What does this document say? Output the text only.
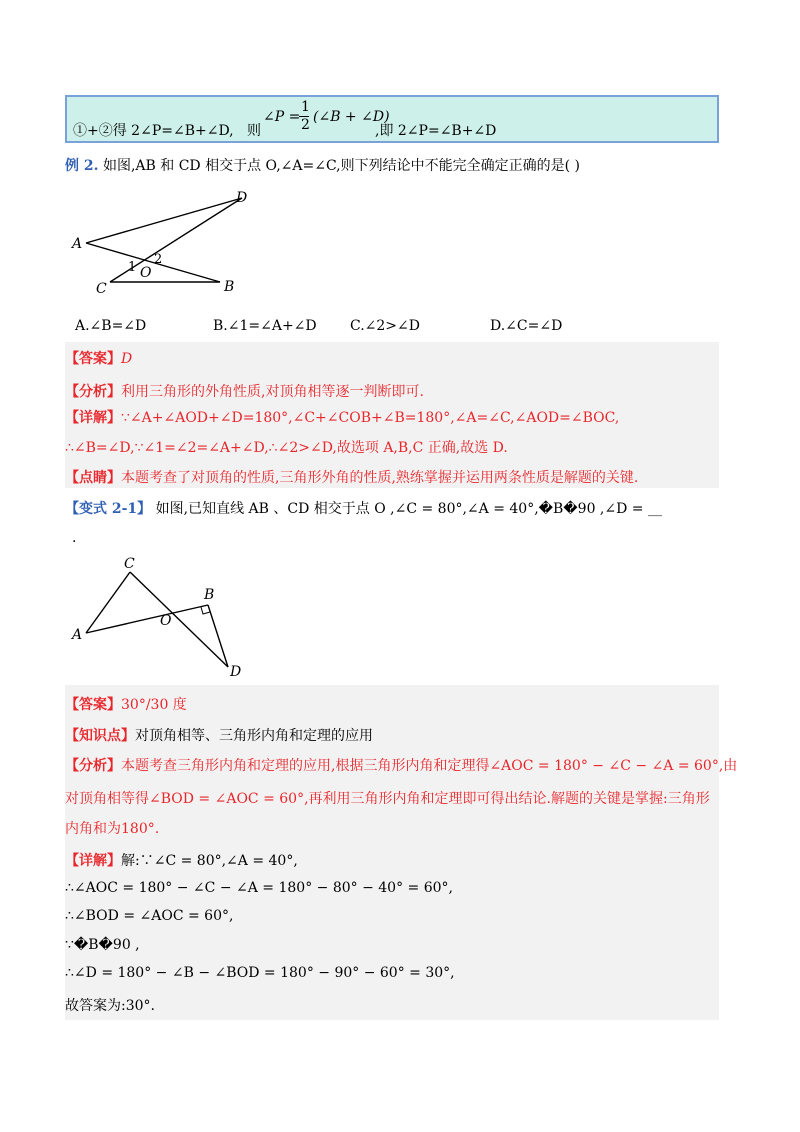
①+②得 2∠P=∠B+∠D, 则
∠P =
1
2 (∠B + ∠D)
,即 2∠P=∠B+∠D
例 2. 如图,AB 和 CD 相交于点 O,∠A=∠C,则下列结论中不能完全确定正确的是( )
D
A
1
2
O
C	B
A.∠B=∠D	B.∠1=∠A+∠D C.∠2>∠D	D.∠C=∠D
【答案】D
【分析】利用三角形的外角性质,对顶角相等逐一判断即可.
【详解】∵∠A+∠AOD+∠D=180°,∠C+∠COB+∠B=180°,∠A=∠C,∠AOD=∠BOC,
∴∠B=∠D,∵∠1=∠2=∠A+∠D,∴∠2>∠D,故选项 A,B,C 正确,故选 D.
【点睛】本题考查了对顶角的性质,三角形外角的性质,熟练掌握并运用两条性质是解题的关键.
【变式 2-1】 如图,已知直线 AB 、CD 相交于点 O ,∠C = 80°,∠A = 40°,�B�90 ,∠D = __
.
C
A
O
B
D
【答案】30°/30 度
【知识点】对顶角相等、三角形内角和定理的应用
【分析】本题考查三角形内角和定理的应用,根据三角形内角和定理得∠AOC = 180° − ∠C − ∠A = 60°,由
对顶角相等得∠BOD = ∠AOC = 60°,再利用三角形内角和定理即可得出结论.解题的关键是掌握:三角形
内角和为180°.
【详解】解:∵∠C = 80°,∠A = 40°,
∴∠AOC = 180° − ∠C − ∠A = 180° − 80° − 40° = 60°,
∴∠BOD = ∠AOC = 60°,
∵�B�90 ,
∴∠D = 180° − ∠B − ∠BOD = 180° − 90° − 60° = 30°,
故答案为:30°.
